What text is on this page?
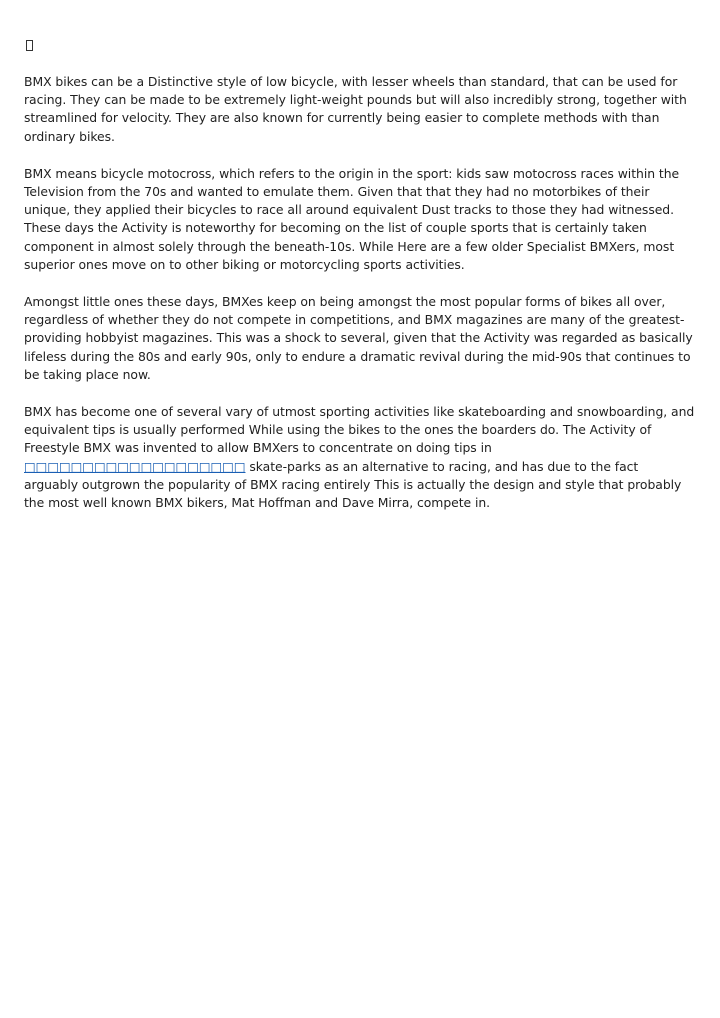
BMX bikes can be a Distinctive style of low bicycle, with lesser wheels than standard, that can be used for racing. They can be made to be extremely light-weight pounds but will also incredibly strong, together with streamlined for velocity. They are also known for currently being easier to complete methods with than ordinary bikes.

BMX means bicycle motocross, which refers to the origin in the sport: kids saw motocross races within the Television from the 70s and wanted to emulate them. Given that that they had no motorbikes of their unique, they applied their bicycles to race all around equivalent Dust tracks to those they had witnessed. These days the Activity is noteworthy for becoming on the list of couple sports that is certainly taken component in almost solely through the beneath-10s. While Here are a few older Specialist BMXers, most superior ones move on to other biking or motorcycling sports activities.

Amongst little ones these days, BMXes keep on being amongst the most popular forms of bikes all over, regardless of whether they do not compete in competitions, and BMX magazines are many of the greatest-providing hobbyist magazines. This was a shock to several, given that the Activity was regarded as basically lifeless during the 80s and early 90s, only to endure a dramatic revival during the mid-90s that continues to be taking place now.

BMX has become one of several vary of utmost sporting activities like skateboarding and snowboarding, and equivalent tips is usually performed While using the bikes to the ones the boarders do. The Activity of Freestyle BMX was invented to allow BMXers to concentrate on doing tips in □□□□□□□□□□□□□□□□□□□ skate-parks as an alternative to racing, and has due to the fact arguably outgrown the popularity of BMX racing entirely This is actually the design and style that probably the most well known BMX bikers, Mat Hoffman and Dave Mirra, compete in.
